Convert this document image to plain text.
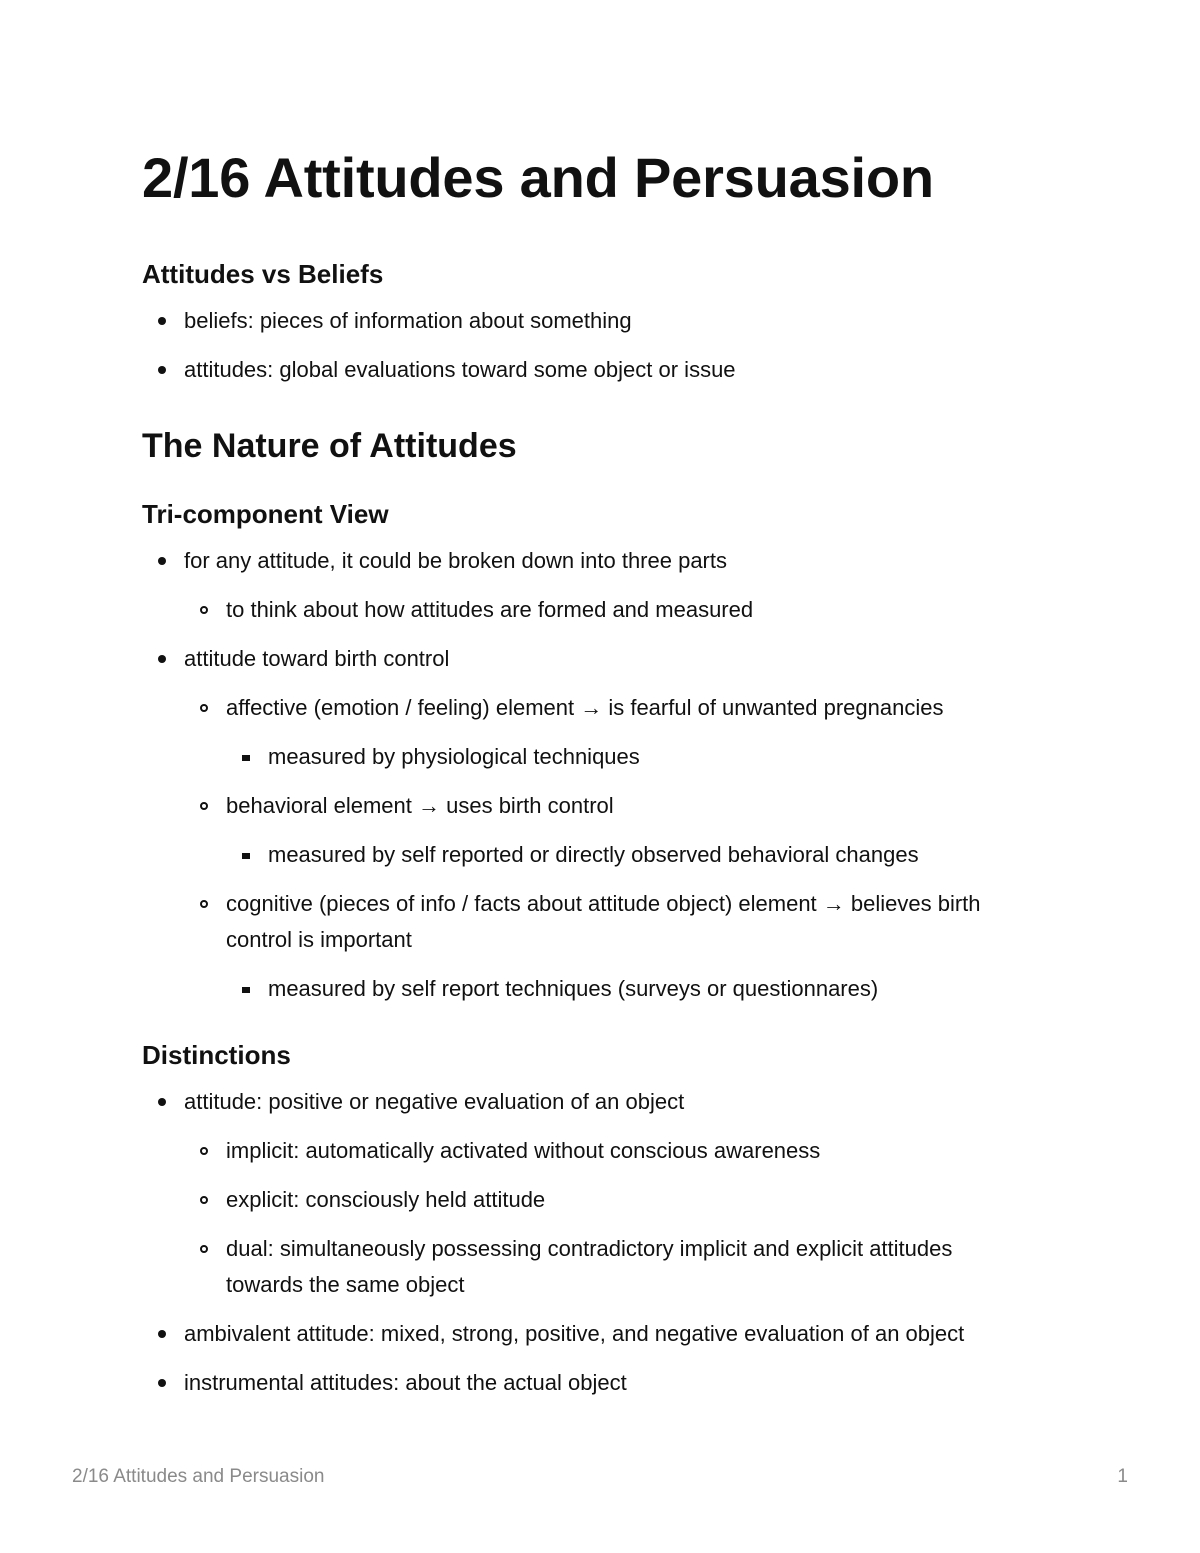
2/16 Attitudes and Persuasion
Attitudes vs Beliefs
beliefs: pieces of information about something
attitudes: global evaluations toward some object or issue
The Nature of Attitudes
Tri-component View
for any attitude, it could be broken down into three parts
to think about how attitudes are formed and measured
attitude toward birth control
affective (emotion / feeling) element → is fearful of unwanted pregnancies
measured by physiological techniques
behavioral element → uses birth control
measured by self reported or directly observed behavioral changes
cognitive (pieces of info / facts about attitude object) element → believes birth control is important
measured by self report techniques (surveys or questionnares)
Distinctions
attitude: positive or negative evaluation of an object
implicit: automatically activated without conscious awareness
explicit: consciously held attitude
dual: simultaneously possessing contradictory implicit and explicit attitudes towards the same object
ambivalent attitude: mixed, strong, positive, and negative evaluation of an object
instrumental attitudes: about the actual object
2/16 Attitudes and Persuasion	1
